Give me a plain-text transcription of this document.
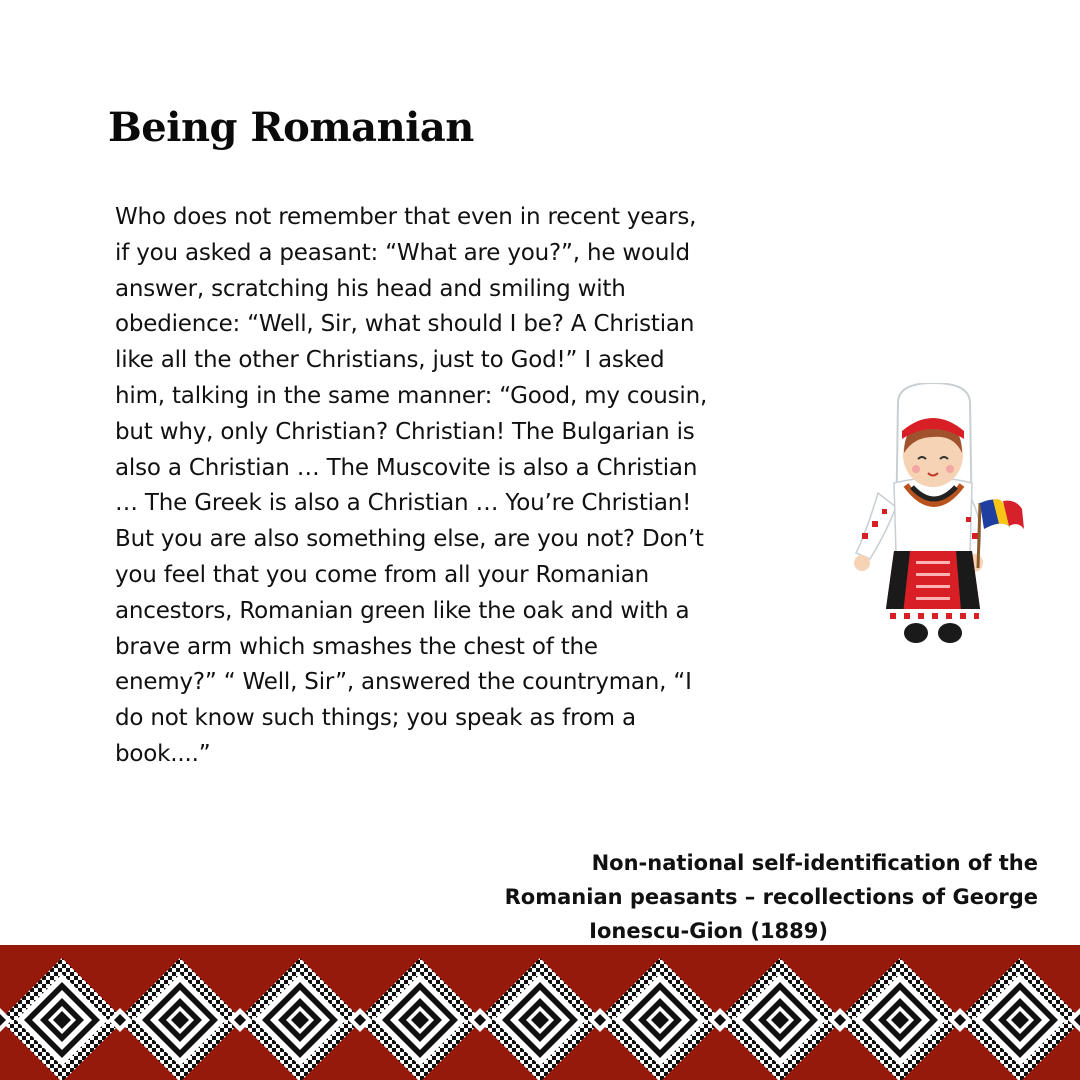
Being Romanian
Who does not remember that even in recent years,
if you asked a peasant: “What are you?”, he would
answer, scratching his head and smiling with
obedience: “Well, Sir, what should I be? A Christian
like all the other Christians, just to God!” I asked
him, talking in the same manner: “Good, my cousin,
but why, only Christian? Christian! The Bulgarian is
also a Christian … The Muscovite is also a Christian
… The Greek is also a Christian … You’re Christian!
But you are also something else, are you not? Don’t
you feel that you come from all your Romanian
ancestors, Romanian green like the oak and with a
brave arm which smashes the chest of the
enemy?” “ Well, Sir”, answered the countryman, “I
do not know such things; you speak as from a
book....”
Non-national self-identification of the
Romanian peasants – recollections of George
Ionescu-Gion (1889)
